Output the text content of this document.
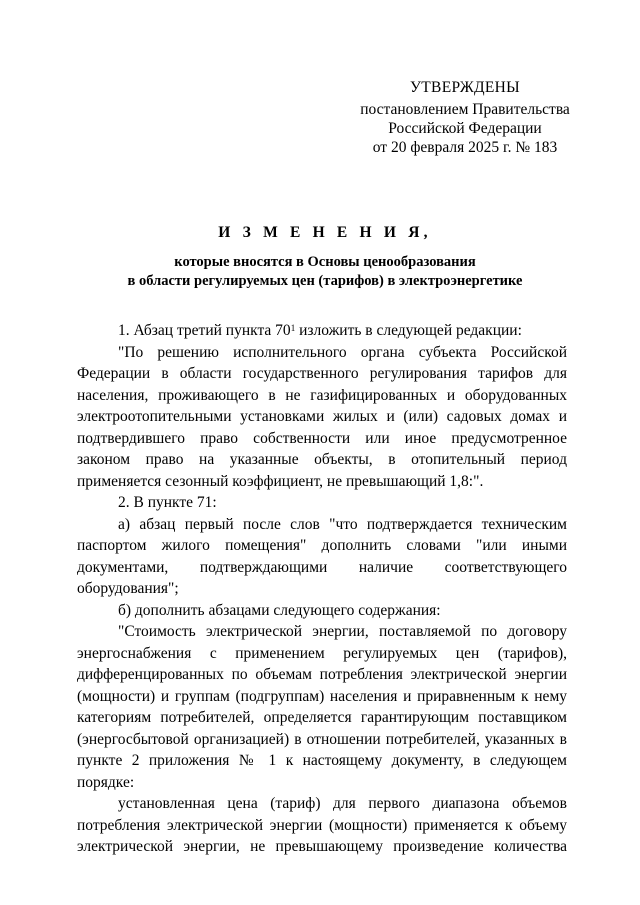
УТВЕРЖДЕНЫ
постановлением Правительства
Российской Федерации
от 20 февраля 2025 г. № 183
И З М Е Н Е Н И Я,
которые вносятся в Основы ценообразования
в области регулируемых цен (тарифов) в электроэнергетике

1. Абзац третий пункта $70^1$ изложить в следующей редакции:

"По решению исполнительного органа субъекта Российской Федерации в области государственного регулирования тарифов для населения, проживающего в не газифицированных и оборудованных электроотопительными установками жилых и (или) садовых домах и подтвердившего право собственности или иное предусмотренное законом право на указанные объекты, в отопительный период применяется сезонный коэффициент, не превышающий 1,8:".

2. В пункте 71:

а) абзац первый после слов "что подтверждается техническим паспортом жилого помещения" дополнить словами "или иными документами, подтверждающими наличие соответствующего оборудования";

б) дополнить абзацами следующего содержания:

"Стоимость электрической энергии, поставляемой по договору энергоснабжения с применением регулируемых цен (тарифов), дифференцированных по объемам потребления электрической энергии (мощности) и группам (подгруппам) населения и приравненным к нему категориям потребителей, определяется гарантирующим поставщиком (энергосбытовой организацией) в отношении потребителей, указанных в пункте 2 приложения № 1 к настоящему документу, в следующем порядке:

установленная цена (тариф) для первого диапазона объемов потребления электрической энергии (мощности) применяется к объему электрической энергии, не превышающему произведение количества
